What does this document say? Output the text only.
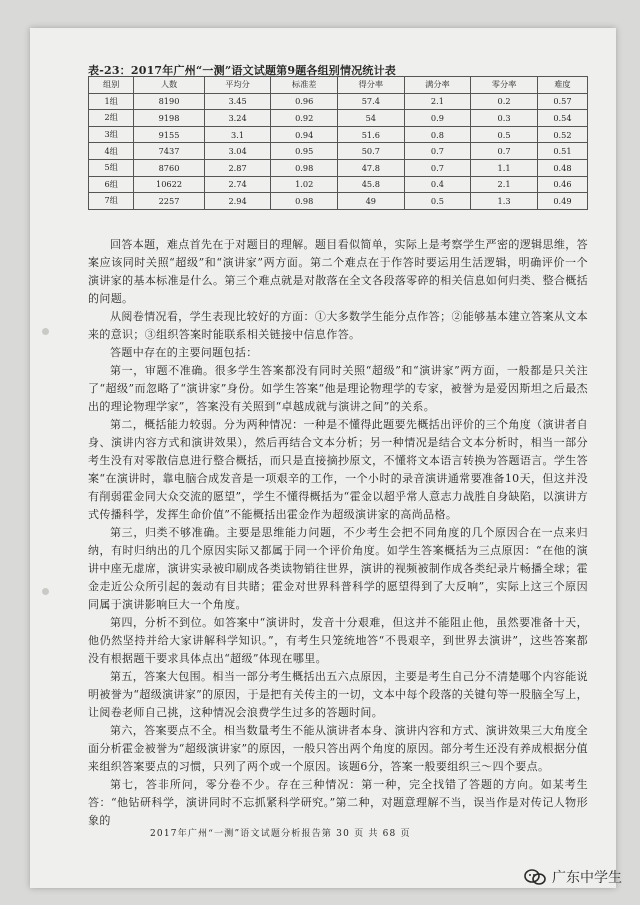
表-23：2017年广州“一测”语文试题第9题各组别情况统计表
组别	人数	平均分	标准差	得分率	满分率	零分率	难度
1组	8190	3.45	0.96	57.4	2.1	0.2	0.57
2组	9198	3.24	0.92	54	0.9	0.3	0.54
3组	9155	3.1	0.94	51.6	0.8	0.5	0.52
4组	7437	3.04	0.95	50.7	0.7	0.7	0.51
5组	8760	2.87	0.98	47.8	0.7	1.1	0.48
6组	10622	2.74	1.02	45.8	0.4	2.1	0.46
7组	2257	2.94	0.98	49	0.5	1.3	0.49

回答本题，难点首先在于对题目的理解。题目看似简单，实际上是考察学生严密的逻辑思维，答案应该同时关照“超级”和“演讲家”两方面。第二个难点在于作答时要运用生活逻辑，明确评价一个演讲家的基本标准是什么。第三个难点就是对散落在全文各段落零碎的相关信息如何归类、整合概括的问题。

从阅卷情况看，学生表现比较好的方面：①大多数学生能分点作答；②能够基本建立答案从文本来的意识；③组织答案时能联系相关链接中信息作答。

答题中存在的主要问题包括：

第一，审题不准确。很多学生答案都没有同时关照“超级”和“演讲家”两方面，一般都是只关注了“超级”而忽略了“演讲家”身份。如学生答案“他是理论物理学的专家，被誉为是爱因斯坦之后最杰出的理论物理学家”，答案没有关照到“卓越成就与演讲之间”的关系。

第二，概括能力较弱。分为两种情况：一种是不懂得此题要先概括出评价的三个角度（演讲者自身、演讲内容方式和演讲效果），然后再结合文本分析；另一种情况是结合文本分析时，相当一部分考生没有对零散信息进行整合概括，而只是直接摘抄原文，不懂将文本语言转换为答题语言。学生答案“在演讲时，靠电脑合成发音是一项艰辛的工作，一个小时的录音演讲通常要准备10天，但这并没有削弱霍金同大众交流的愿望”，学生不懂得概括为“霍金以超乎常人意志力战胜自身缺陷，以演讲方式传播科学，发挥生命价值”不能概括出霍金作为超级演讲家的高尚品格。

第三，归类不够准确。主要是思维能力问题，不少考生会把不同角度的几个原因合在一点来归纳，有时归纳出的几个原因实际又都属于同一个评价角度。如学生答案概括为三点原因：“在他的演讲中座无虚席，演讲实录被印刷成各类读物销往世界，演讲的视频被制作成各类纪录片畅播全球；霍金走近公众所引起的轰动有目共睹；霍金对世界科普科学的愿望得到了大反响”，实际上这三个原因同属于演讲影响巨大一个角度。

第四，分析不到位。如答案中“演讲时，发音十分艰难，但这并不能阻止他，虽然要准备十天，他仍然坚持并给大家讲解科学知识。”，有考生只笼统地答“不畏艰辛，到世界去演讲”，这些答案都没有根据题干要求具体点出“超级”体现在哪里。

第五，答案大包围。相当一部分考生概括出五六点原因，主要是考生自己分不清楚哪个内容能说明被誉为“超级演讲家”的原因，于是把有关传主的一切，文本中每个段落的关键句等一股脑全写上，让阅卷老师自己挑，这种情况会浪费学生过多的答题时间。

第六，答案要点不全。相当数量考生不能从演讲者本身、演讲内容和方式、演讲效果三大角度全面分析霍金被誉为“超级演讲家”的原因，一般只答出两个角度的原因。部分考生还没有养成根据分值来组织答案要点的习惯，只列了两个或一个原因。该题6分，答案一般要组织三～四个要点。

第七，答非所问，零分卷不少。存在三种情况：第一种，完全找错了答题的方向。如某考生答：“他钻研科学，演讲同时不忘抓紧科学研究。”第二种，对题意理解不当，误当作是对传记人物形象的

2017年广州“一测”语文试题分析报告第 30 页 共 68 页
广东中学生
